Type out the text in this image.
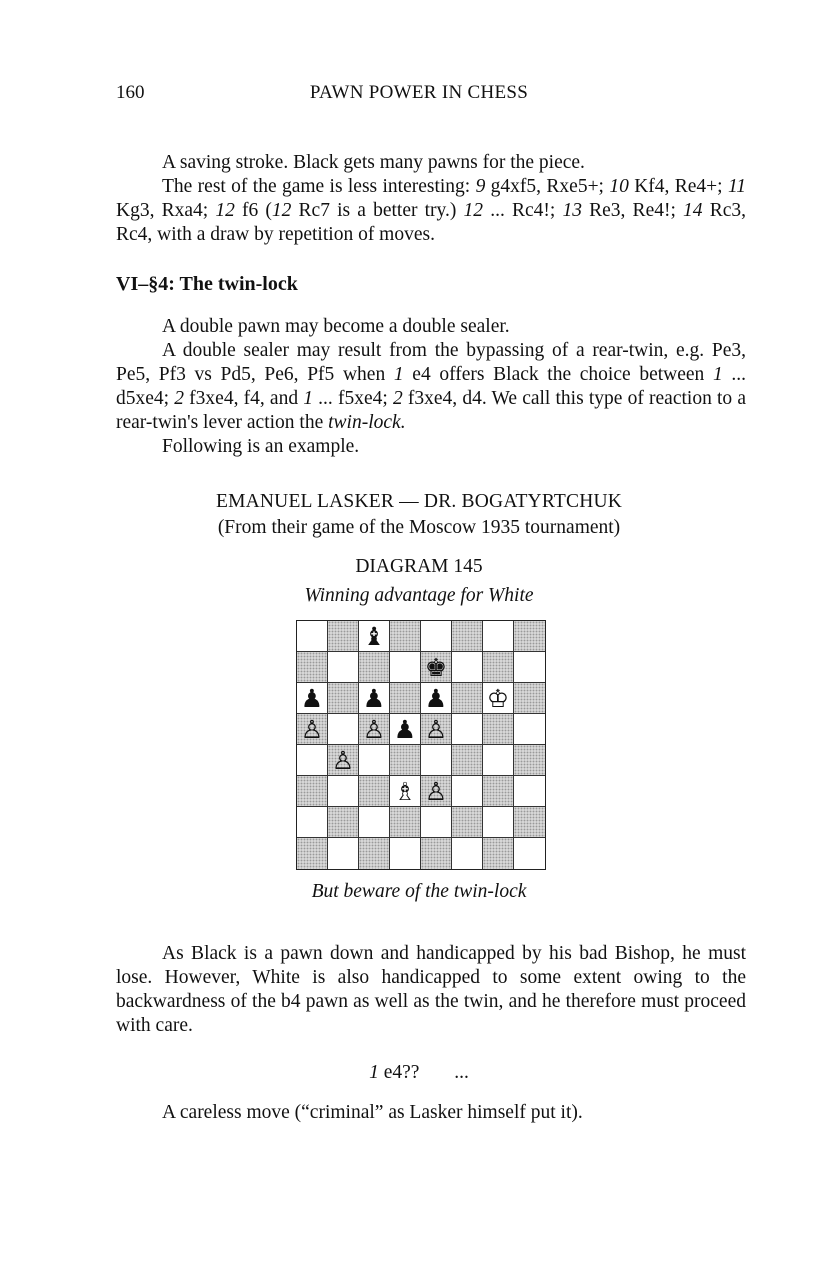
160	PAWN POWER IN CHESS

A saving stroke. Black gets many pawns for the piece.

The rest of the game is less interesting: 9 g4xf5, Rxe5+; 10 Kf4, Re4+; 11 Kg3, Rxa4; 12 f6 (12 Rc7 is a better try.) 12 ... Rc4!; 13 Re3, Re4!; 14 Rc3, Rc4, with a draw by repetition of moves.

VI–§4: The twin-lock

A double pawn may become a double sealer.

A double sealer may result from the bypassing of a rear-twin, e.g. Pe3, Pe5, Pf3 vs Pd5, Pe6, Pf5 when 1 e4 offers Black the choice between 1 ... d5xe4; 2 f3xe4, f4, and 1 ... f5xe4; 2 f3xe4, d4. We call this type of reaction to a rear-twin's lever action the twin-lock.

Following is an example.

EMANUEL LASKER — DR. BOGATYRTCHUK
(From their game of the Moscow 1935 tournament)
DIAGRAM 145
Winning advantage for White
♝
♚
♟ ♟ ♟ ♔
♙ ♙ ♟ ♙
♙
♗ ♙
But beware of the twin-lock

As Black is a pawn down and handicapped by his bad Bishop, he must lose. However, White is also handicapped to some extent owing to the backwardness of the b4 pawn as well as the twin, and he therefore must proceed with care.

1 e4?? ...

A careless move (“criminal” as Lasker himself put it).
